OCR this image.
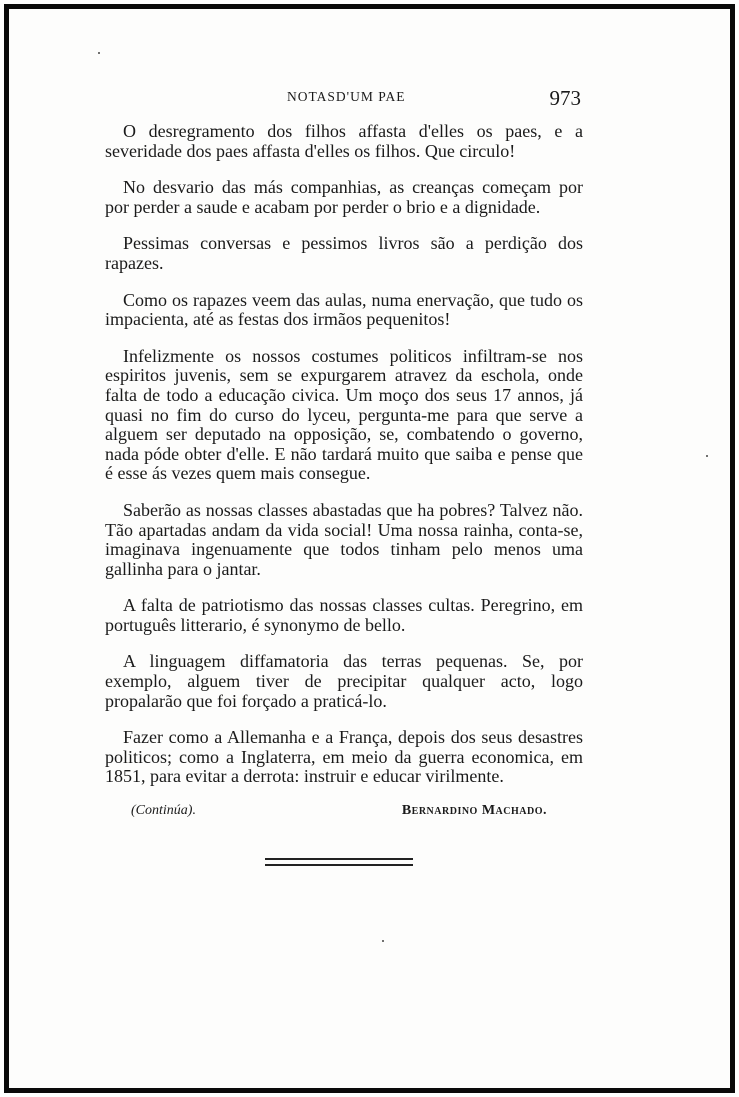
NOTASD'UM PAE	973

O desregramento dos filhos affasta d'elles os paes, e a severidade dos paes affasta d'elles os filhos. Que circulo!

No desvario das más companhias, as creanças começam por por perder a saude e acabam por perder o brio e a dignidade.

Pessimas conversas e pessimos livros são a perdição dos rapazes.

Como os rapazes veem das aulas, numa enervação, que tudo os impacienta, até as festas dos irmãos pequenitos!

Infelizmente os nossos costumes politicos infiltram-se nos espiritos juvenis, sem se expurgarem atravez da eschola, onde falta de todo a educação civica. Um moço dos seus 17 annos, já quasi no fim do curso do lyceu, pergunta-me para que serve a alguem ser deputado na opposição, se, combatendo o governo, nada póde obter d'elle. E não tardará muito que saiba e pense que é esse ás vezes quem mais consegue.

Saberão as nossas classes abastadas que ha pobres? Talvez não. Tão apartadas andam da vida social! Uma nossa rainha, conta-se, imaginava ingenuamente que todos tinham pelo menos uma gallinha para o jantar.

A falta de patriotismo das nossas classes cultas. Peregrino, em português litterario, é synonymo de bello.

A linguagem diffamatoria das terras pequenas. Se, por exemplo, alguem tiver de precipitar qualquer acto, logo propalarão que foi forçado a praticá-lo.

Fazer como a Allemanha e a França, depois dos seus desastres politicos; como a Inglaterra, em meio da guerra economica, em 1851, para evitar a derrota: instruir e educar virilmente.

(Continúa).	Bernardino Machado.
